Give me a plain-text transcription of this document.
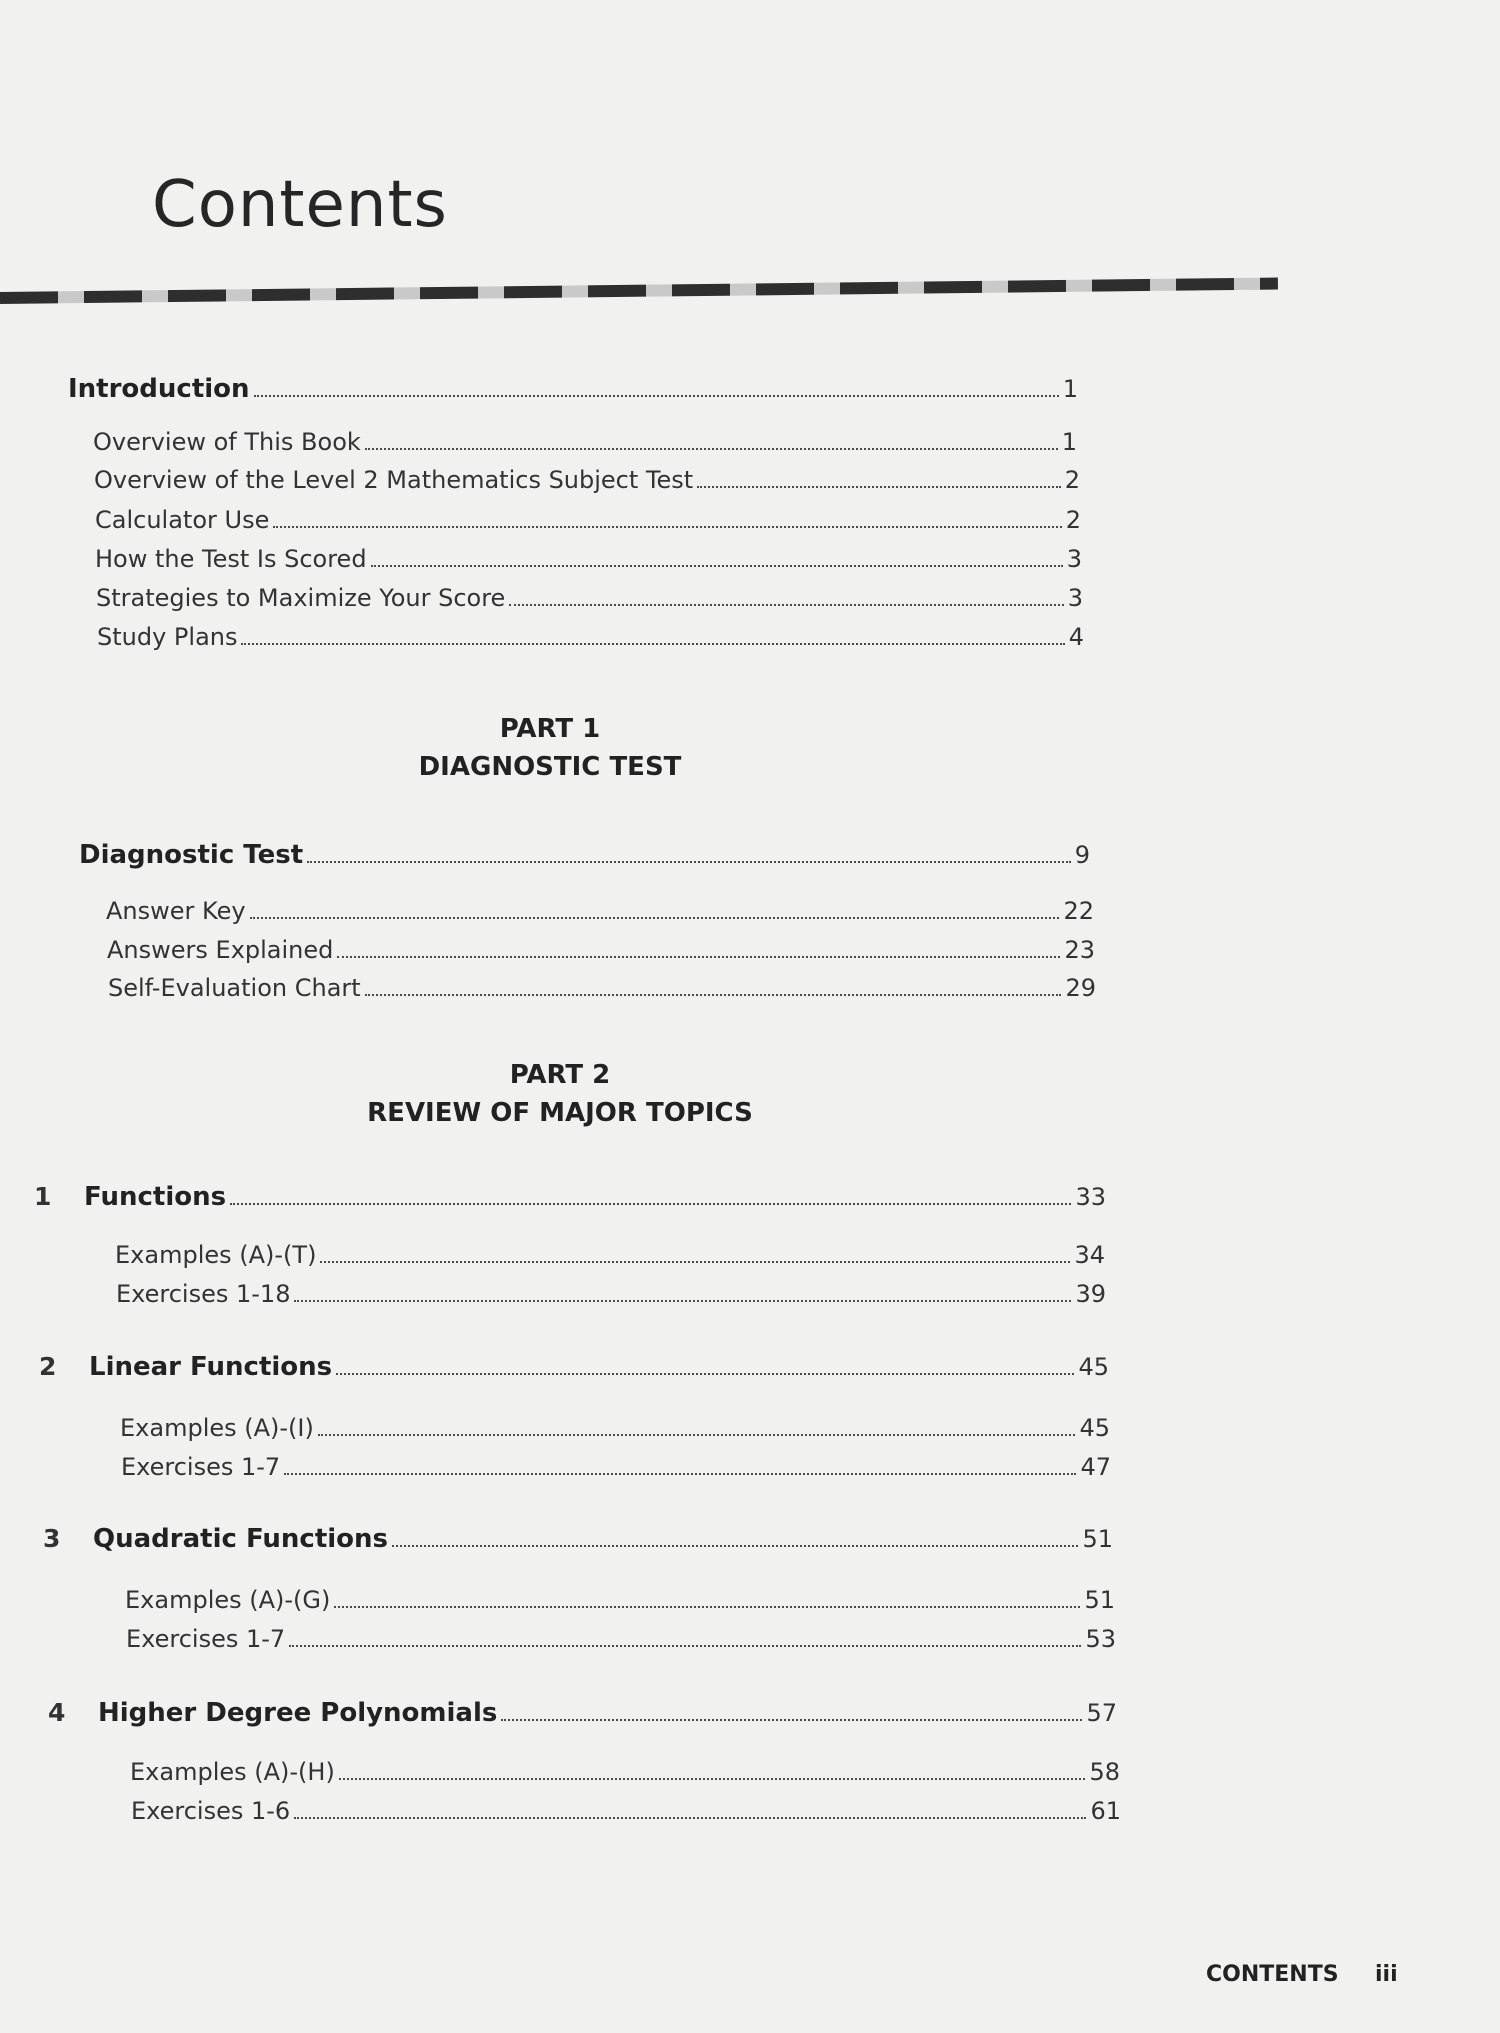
Contents
Introduction	1
Overview of This Book	1
Overview of the Level 2 Mathematics Subject Test	2
Calculator Use	2
How the Test Is Scored	3
Strategies to Maximize Your Score	3
Study Plans	4
PART 1
DIAGNOSTIC TEST
Diagnostic Test	9
Answer Key	22
Answers Explained	23
Self-Evaluation Chart	29
PART 2
REVIEW OF MAJOR TOPICS
1	Functions	33
Examples (A)-(T)	34
Exercises 1-18	39
2	Linear Functions	45
Examples (A)-(I)	45
Exercises 1-7	47
3	Quadratic Functions	51
Examples (A)-(G)	51
Exercises 1-7	53
4	Higher Degree Polynomials	57
Examples (A)-(H)	58
Exercises 1-6	61
CONTENTS iii
